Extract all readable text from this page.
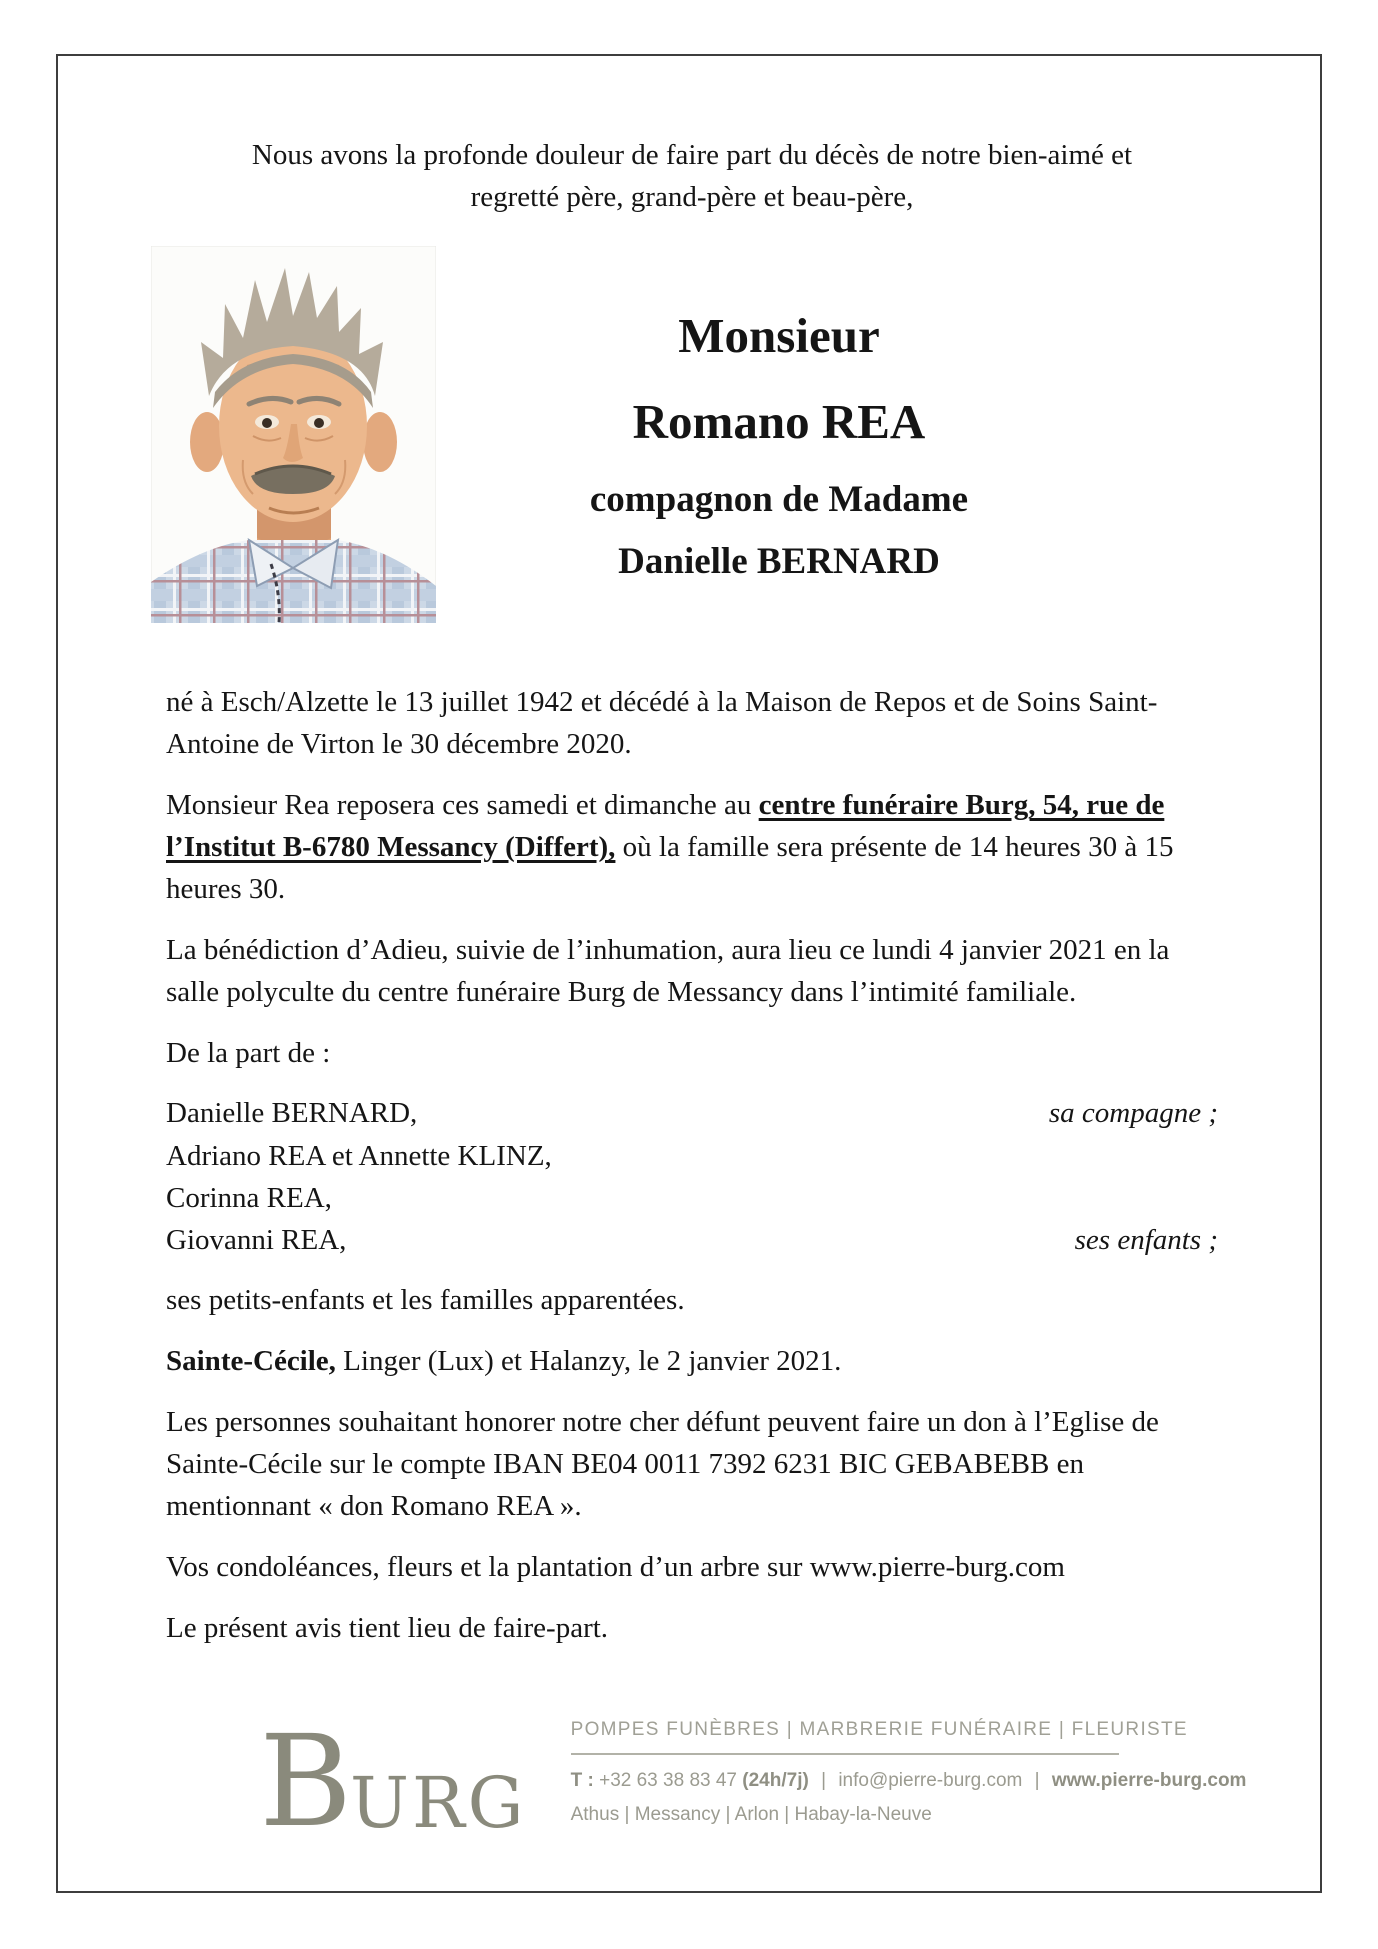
Nous avons la profonde douleur de faire part du décès de notre bien-aimé et
regretté père, grand-père et beau-père,

Monsieur
Romano REA
compagnon de Madame
Danielle BERNARD

né à Esch/Alzette le 13 juillet 1942 et décédé à la Maison de Repos et de Soins Saint-Antoine de Virton le 30 décembre 2020.

Monsieur Rea reposera ces samedi et dimanche au centre funéraire Burg, 54, rue de l’Institut B-6780 Messancy (Differt), où la famille sera présente de 14 heures 30 à 15 heures 30.

La bénédiction d’Adieu, suivie de l’inhumation, aura lieu ce lundi 4 janvier 2021 en la salle polyculte du centre funéraire Burg de Messancy dans l’intimité familiale.

De la part de :

Danielle BERNARD,	sa compagne ;
Adriano REA et Annette KLINZ,
Corinna REA,
Giovanni REA,	ses enfants ;

ses petits-enfants et les familles apparentées.

Sainte-Cécile, Linger (Lux) et Halanzy, le 2 janvier 2021.

Les personnes souhaitant honorer notre cher défunt peuvent faire un don à l’Eglise de Sainte-Cécile sur le compte IBAN BE04 0011 7392 6231 BIC GEBABEBB en mentionnant « don Romano REA ».

Vos condoléances, fleurs et la plantation d’un arbre sur www.pierre-burg.com

Le présent avis tient lieu de faire-part.

B URG
POMPES FUNÈBRES | MARBRERIE FUNÉRAIRE | FLEURISTE
T : +32 63 38 83 47 (24h/7j) | info@pierre-burg.com | www.pierre-burg.com
Athus | Messancy | Arlon | Habay-la-Neuve
